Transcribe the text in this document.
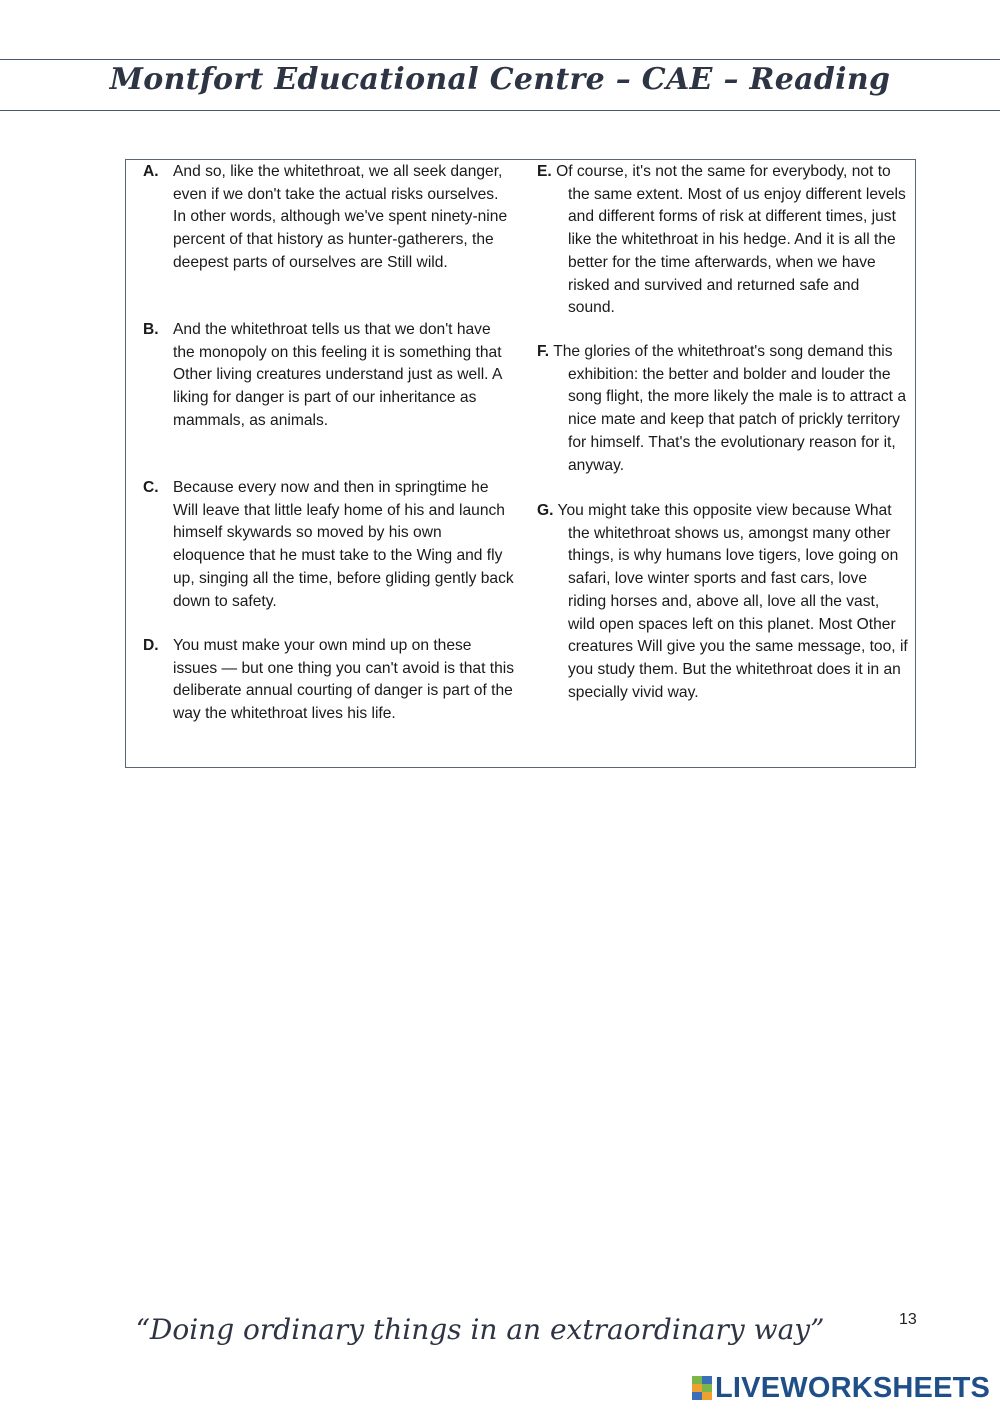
Montfort Educational Centre – CAE – Reading
A. And so, like the whitethroat, we all seek danger, even if we don't take the actual risks ourselves. In other words, although we've spent ninety-nine percent of that history as hunter-gatherers, the deepest parts of ourselves are Still wild.
B. And the whitethroat tells us that we don't have the monopoly on this feeling it is something that Other living creatures understand just as well. A liking for danger is part of our inheritance as mammals, as animals.
C. Because every now and then in springtime he Will leave that little leafy home of his and launch himself skywards so moved by his own eloquence that he must take to the Wing and fly up, singing all the time, before gliding gently back down to safety.
D. You must make your own mind up on these issues — but one thing you can't avoid is that this deliberate annual courting of danger is part of the way the whitethroat lives his life.
E. Of course, it's not the same for everybody, not to the same extent. Most of us enjoy different levels and different forms of risk at different times, just like the whitethroat in his hedge. And it is all the better for the time afterwards, when we have risked and survived and returned safe and sound.
F. The glories of the whitethroat's song demand this exhibition: the better and bolder and louder the song flight, the more likely the male is to attract a nice mate and keep that patch of prickly territory for himself. That's the evolutionary reason for it, anyway.
G. You might take this opposite view because What the whitethroat shows us, amongst many other things, is why humans love tigers, love going on safari, love winter sports and fast cars, love riding horses and, above all, love all the vast, wild open spaces left on this planet. Most Other creatures Will give you the same message, too, if you study them. But the whitethroat does it in an specially vivid way.
13
“Doing ordinary things in an extraordinary way”
LIVEWORKSHEETS
